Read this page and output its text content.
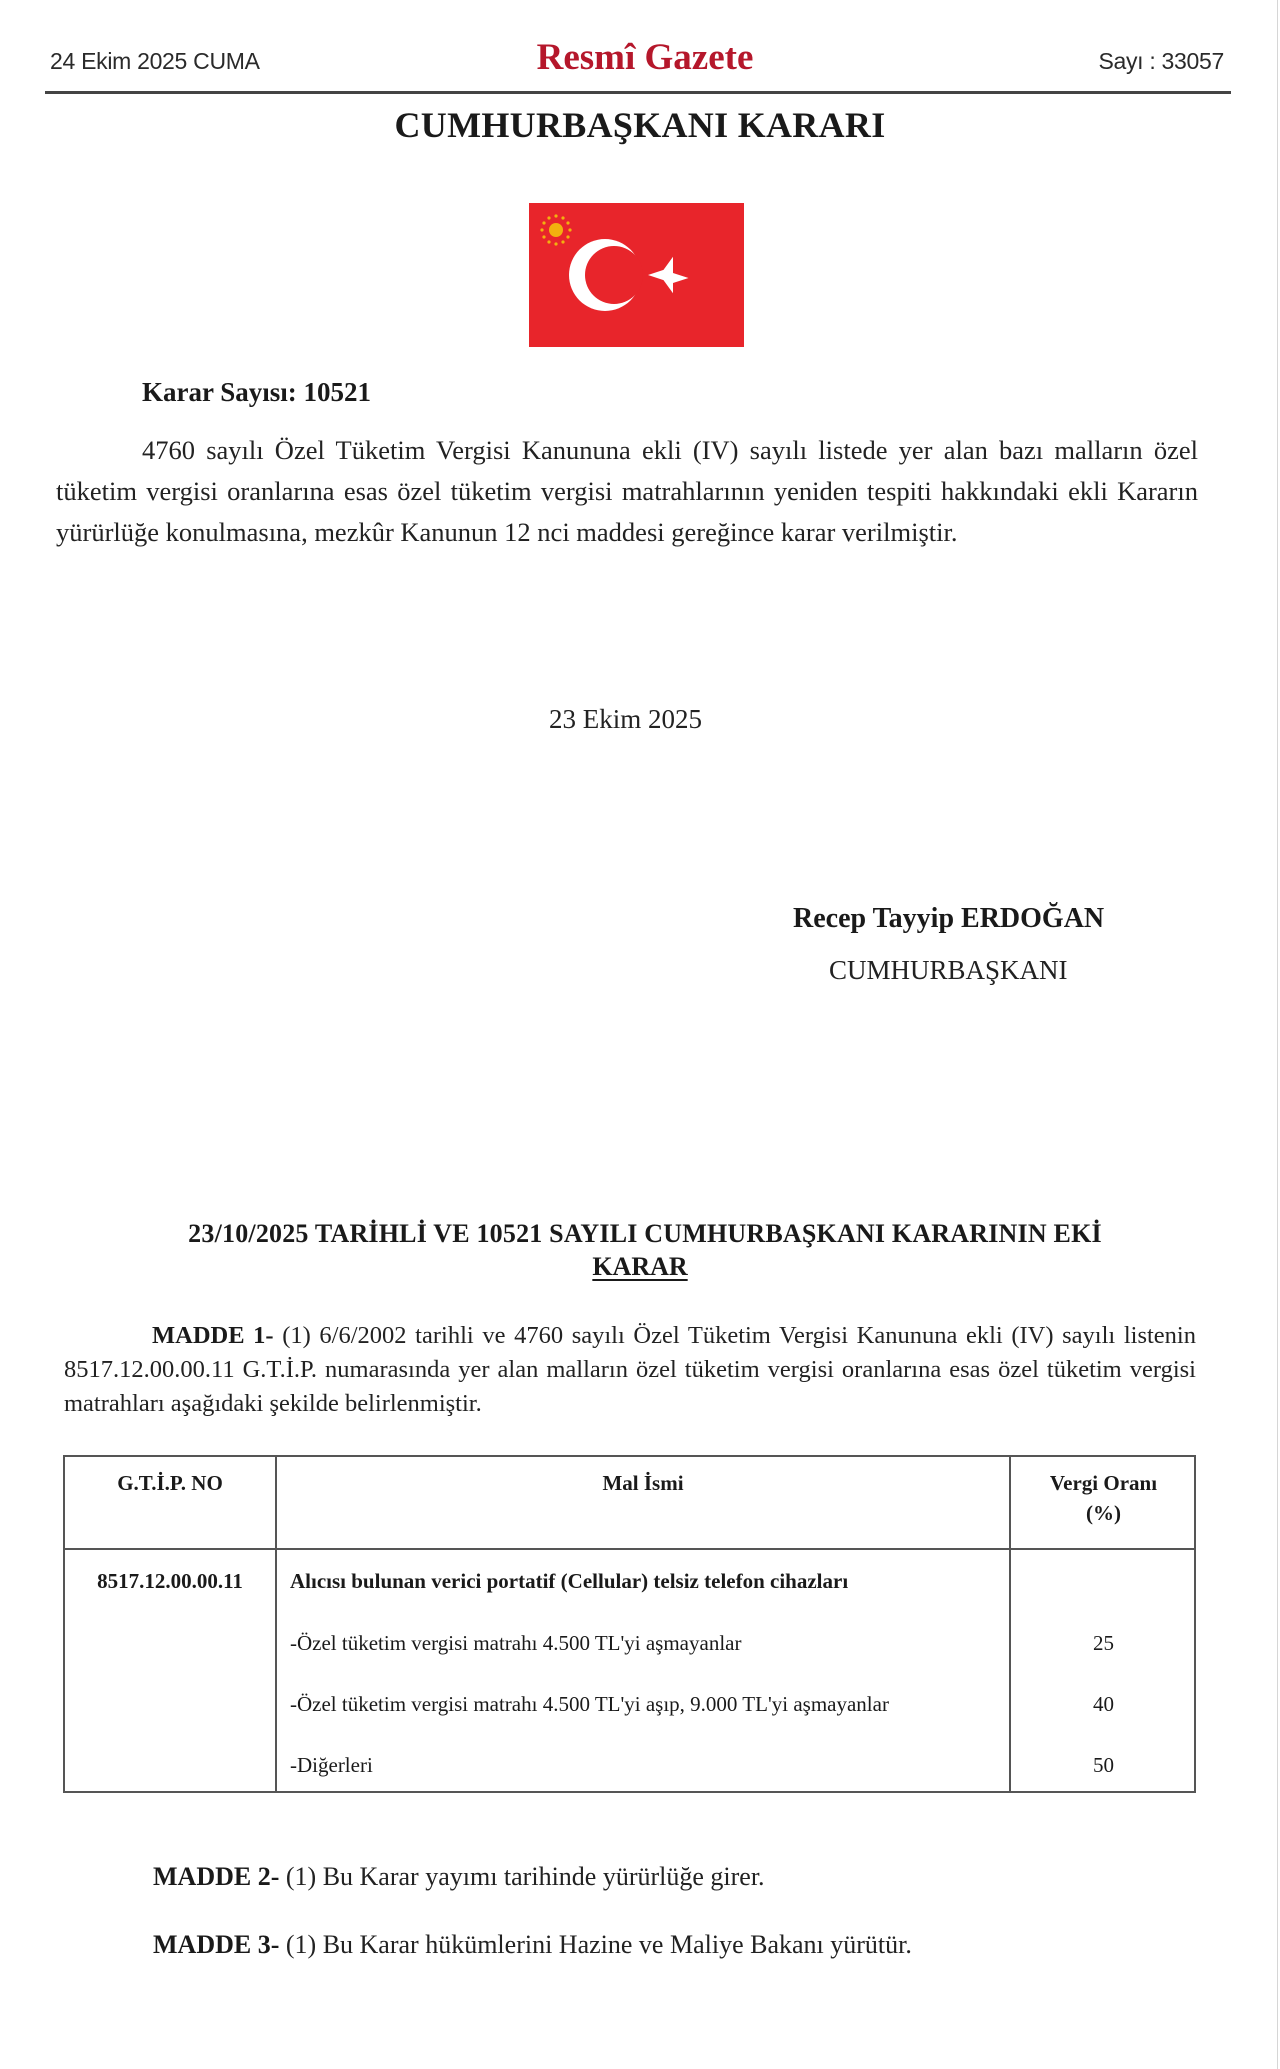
24 Ekim 2025 CUMA	Resmî Gazete	Sayı : 33057
CUMHURBAŞKANI KARARI
Karar Sayısı: 10521
4760 sayılı Özel Tüketim Vergisi Kanununa ekli (IV) sayılı listede yer alan bazı malların özel tüketim vergisi oranlarına esas özel tüketim vergisi matrahlarının yeniden tespiti hakkındaki ekli Kararın yürürlüğe konulmasına, mezkûr Kanunun 12 nci maddesi gereğince karar verilmiştir.
23 Ekim 2025
Recep Tayyip ERDOĞAN
CUMHURBAŞKANI
23/10/2025 TARİHLİ VE 10521 SAYILI CUMHURBAŞKANI KARARININ EKİ
KARAR
MADDE 1- (1) 6/6/2002 tarihli ve 4760 sayılı Özel Tüketim Vergisi Kanununa ekli (IV) sayılı listenin 8517.12.00.00.11 G.T.İ.P. numarasında yer alan malların özel tüketim vergisi oranlarına esas özel tüketim vergisi matrahları aşağıdaki şekilde belirlenmiştir.
G.T.İ.P. NO	Mal İsmi	Vergi Oranı
(%)
8517.12.00.00.11	Alıcısı bulunan verici portatif (Cellular) telsiz telefon cihazları
-Özel tüketim vergisi matrahı 4.500 TL'yi aşmayanlar	25
-Özel tüketim vergisi matrahı 4.500 TL'yi aşıp, 9.000 TL'yi aşmayanlar	40
-Diğerleri	50
MADDE 2- (1) Bu Karar yayımı tarihinde yürürlüğe girer.
MADDE 3- (1) Bu Karar hükümlerini Hazine ve Maliye Bakanı yürütür.
